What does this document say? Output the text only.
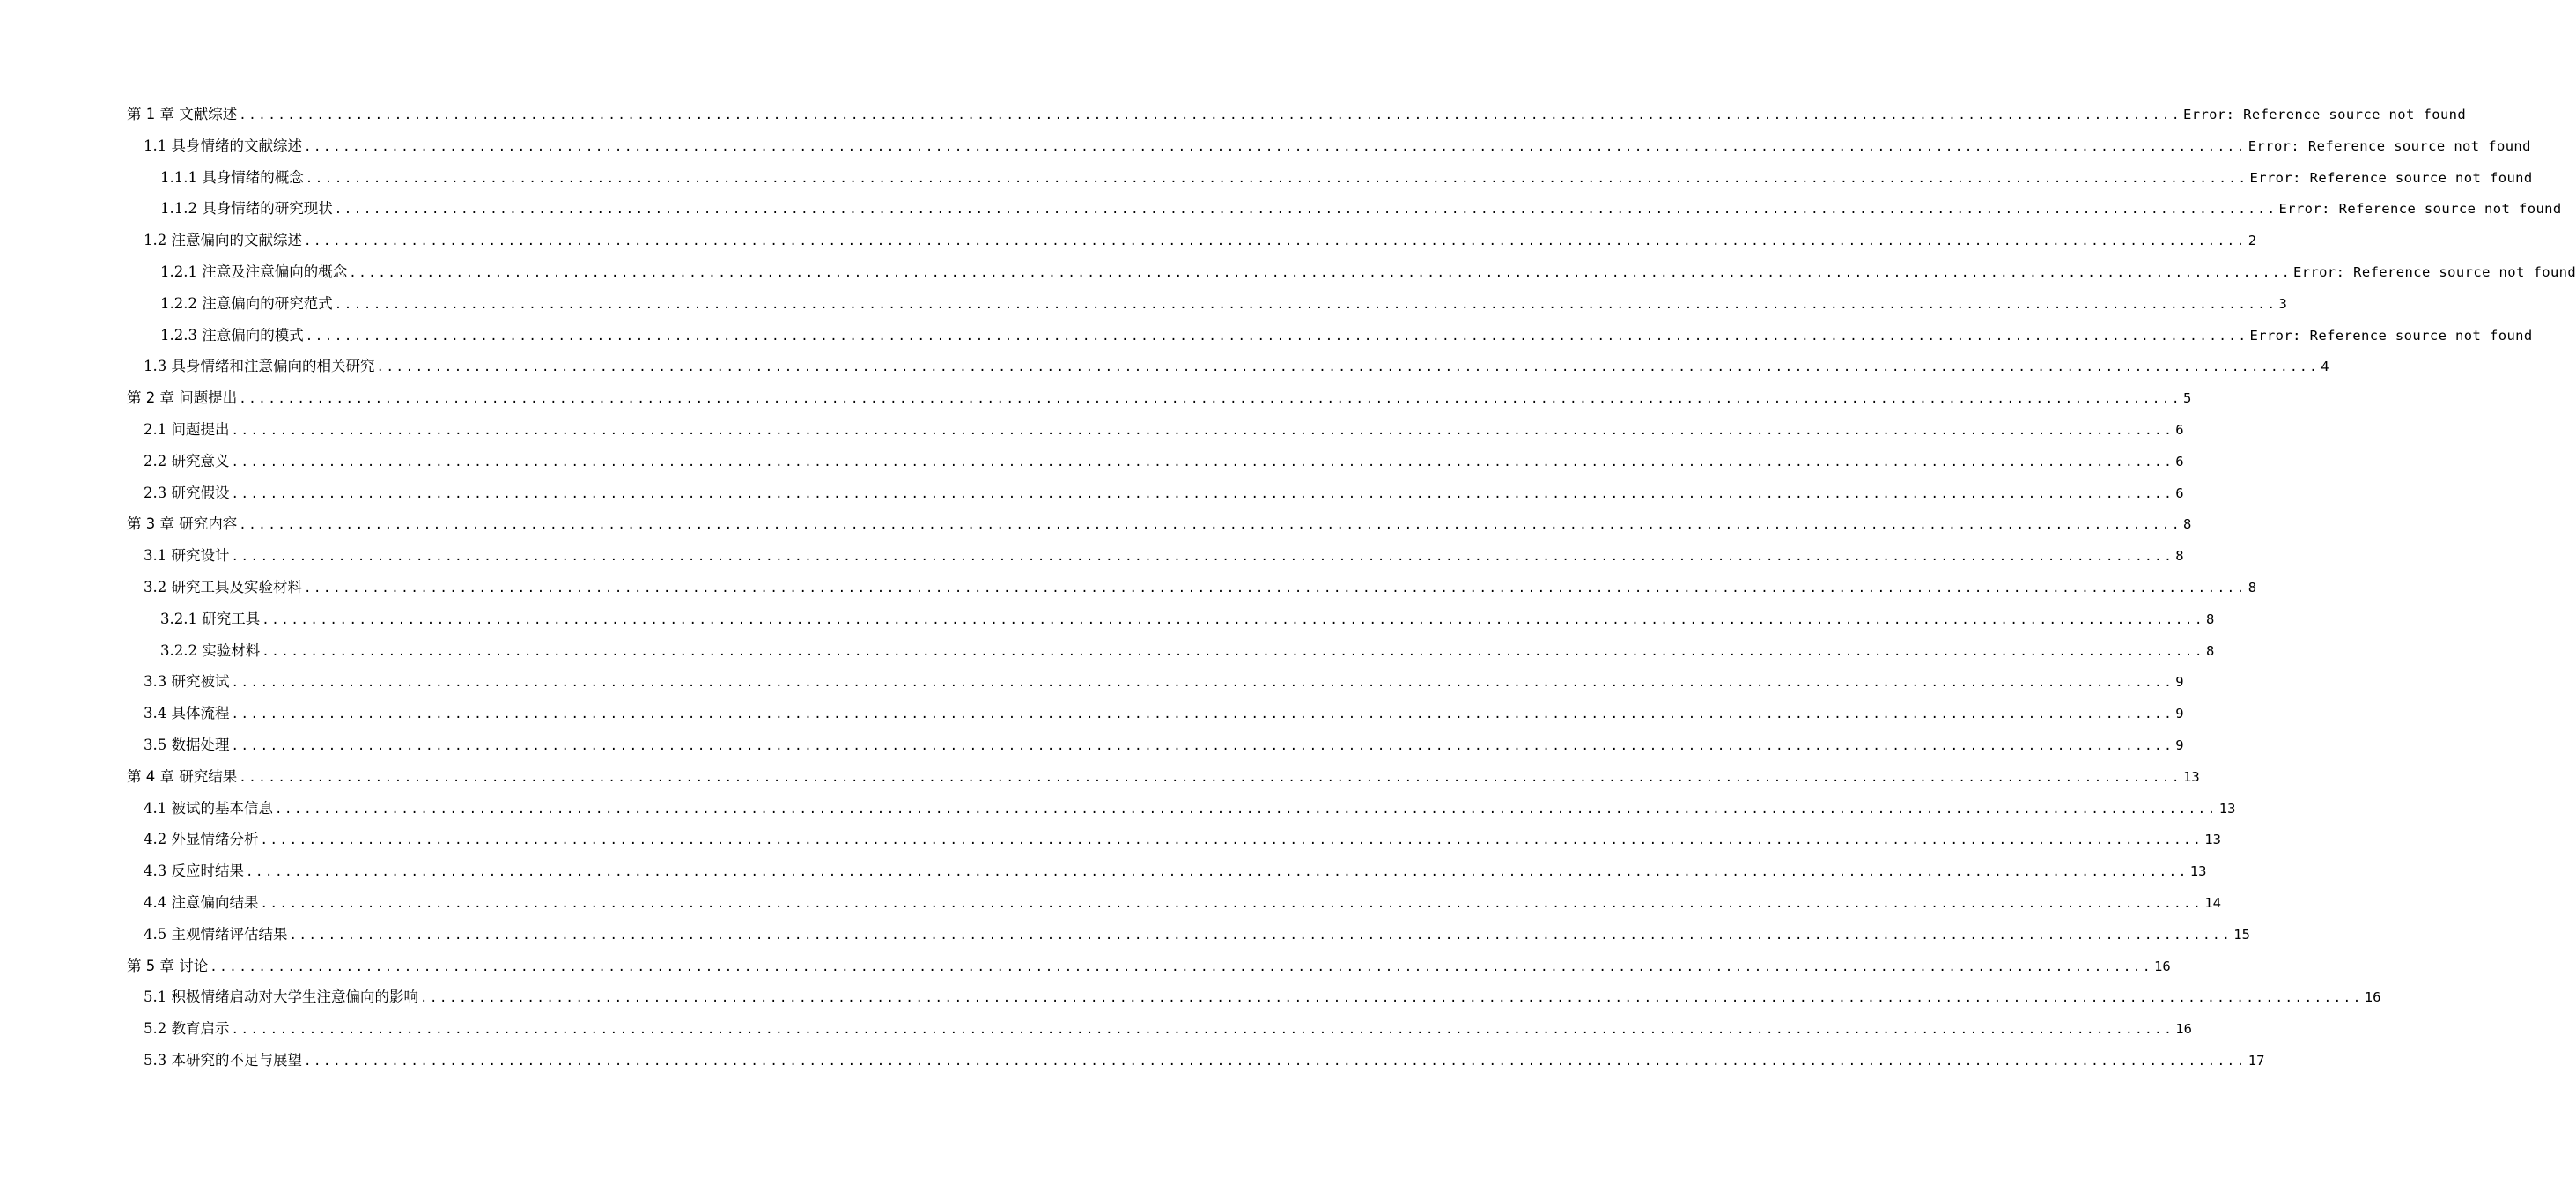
第 1 章 文献综述 ........................................................................................................................................................................................................ Error: Reference source not found
1.1 具身情绪的文献综述 ........................................................................................................................................................................................................ Error: Reference source not found
1.1.1 具身情绪的概念 ........................................................................................................................................................................................................ Error: Reference source not found
1.1.2 具身情绪的研究现状 ........................................................................................................................................................................................................ Error: Reference source not found
1.2 注意偏向的文献综述 ........................................................................................................................................................................................................ 2
1.2.1 注意及注意偏向的概念 ........................................................................................................................................................................................................ Error: Reference source not found
1.2.2 注意偏向的研究范式 ........................................................................................................................................................................................................ 3
1.2.3 注意偏向的模式 ........................................................................................................................................................................................................ Error: Reference source not found
1.3 具身情绪和注意偏向的相关研究 ........................................................................................................................................................................................................ 4
第 2 章 问题提出 ........................................................................................................................................................................................................ 5
2.1 问题提出 ........................................................................................................................................................................................................ 6
2.2 研究意义 ........................................................................................................................................................................................................ 6
2.3 研究假设 ........................................................................................................................................................................................................ 6
第 3 章 研究内容 ........................................................................................................................................................................................................ 8
3.1 研究设计 ........................................................................................................................................................................................................ 8
3.2 研究工具及实验材料 ........................................................................................................................................................................................................ 8
3.2.1 研究工具 ........................................................................................................................................................................................................ 8
3.2.2 实验材料 ........................................................................................................................................................................................................ 8
3.3 研究被试 ........................................................................................................................................................................................................ 9
3.4 具体流程 ........................................................................................................................................................................................................ 9
3.5 数据处理 ........................................................................................................................................................................................................ 9
第 4 章 研究结果 ........................................................................................................................................................................................................ 13
4.1 被试的基本信息 ........................................................................................................................................................................................................ 13
4.2 外显情绪分析 ........................................................................................................................................................................................................ 13
4.3 反应时结果 ........................................................................................................................................................................................................ 13
4.4 注意偏向结果 ........................................................................................................................................................................................................ 14
4.5 主观情绪评估结果 ........................................................................................................................................................................................................ 15
第 5 章 讨论 ........................................................................................................................................................................................................ 16
5.1 积极情绪启动对大学生注意偏向的影响 ........................................................................................................................................................................................................ 16
5.2 教育启示 ........................................................................................................................................................................................................ 16
5.3 本研究的不足与展望 ........................................................................................................................................................................................................ 17
